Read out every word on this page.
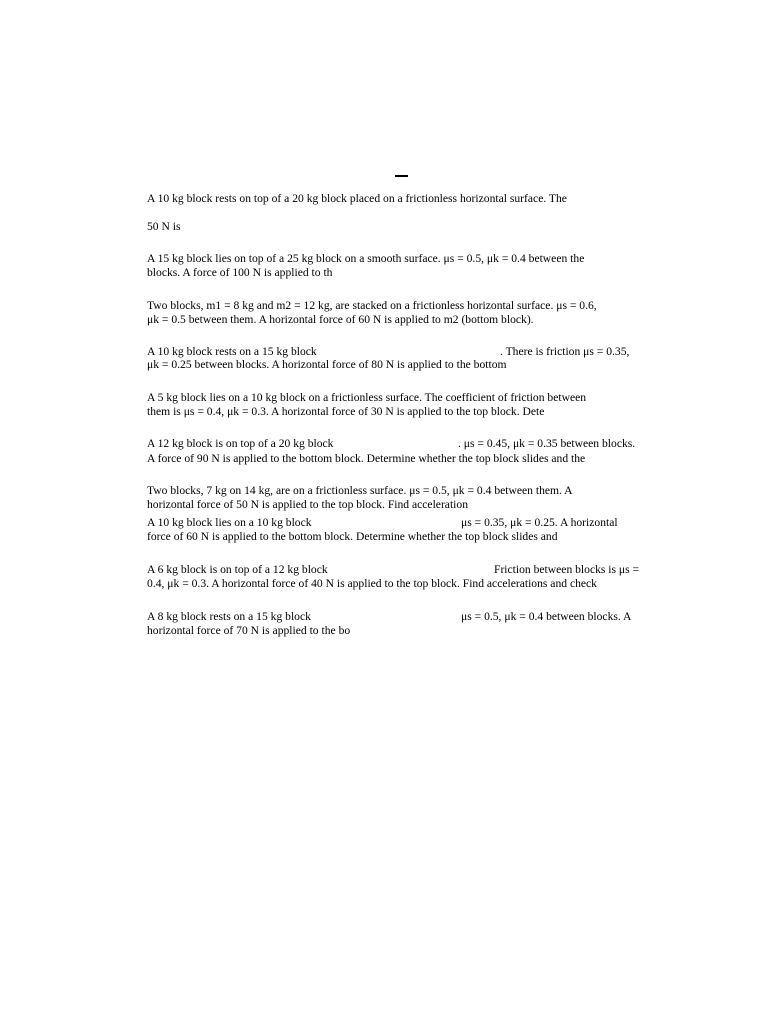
A 10 kg block rests on top of a 20 kg block placed on a frictionless horizontal surface. The
50 N is
A 15 kg block lies on top of a 25 kg block on a smooth surface. μs = 0.5, μk = 0.4 between the
blocks. A force of 100 N is applied to th
Two blocks, m1 = 8 kg and m2 = 12 kg, are stacked on a frictionless horizontal surface. μs = 0.6,
μk = 0.5 between them. A horizontal force of 60 N is applied to m2 (bottom block).
A 10 kg block rests on a 15 kg block	. There is friction μs = 0.35,
μk = 0.25 between blocks. A horizontal force of 80 N is applied to the bottom
A 5 kg block lies on a 10 kg block on a frictionless surface. The coefficient of friction between
them is μs = 0.4, μk = 0.3. A horizontal force of 30 N is applied to the top block. Dete
A 12 kg block is on top of a 20 kg block	. μs = 0.45, μk = 0.35 between blocks.
A force of 90 N is applied to the bottom block. Determine whether the top block slides and the
Two blocks, 7 kg on 14 kg, are on a frictionless surface. μs = 0.5, μk = 0.4 between them. A
horizontal force of 50 N is applied to the top block. Find acceleration
A 10 kg block lies on a 10 kg block	μs = 0.35, μk = 0.25. A horizontal
force of 60 N is applied to the bottom block. Determine whether the top block slides and
A 6 kg block is on top of a 12 kg block	Friction between blocks is μs =
0.4, μk = 0.3. A horizontal force of 40 N is applied to the top block. Find accelerations and check
A 8 kg block rests on a 15 kg block	μs = 0.5, μk = 0.4 between blocks. A
horizontal force of 70 N is applied to the bo
